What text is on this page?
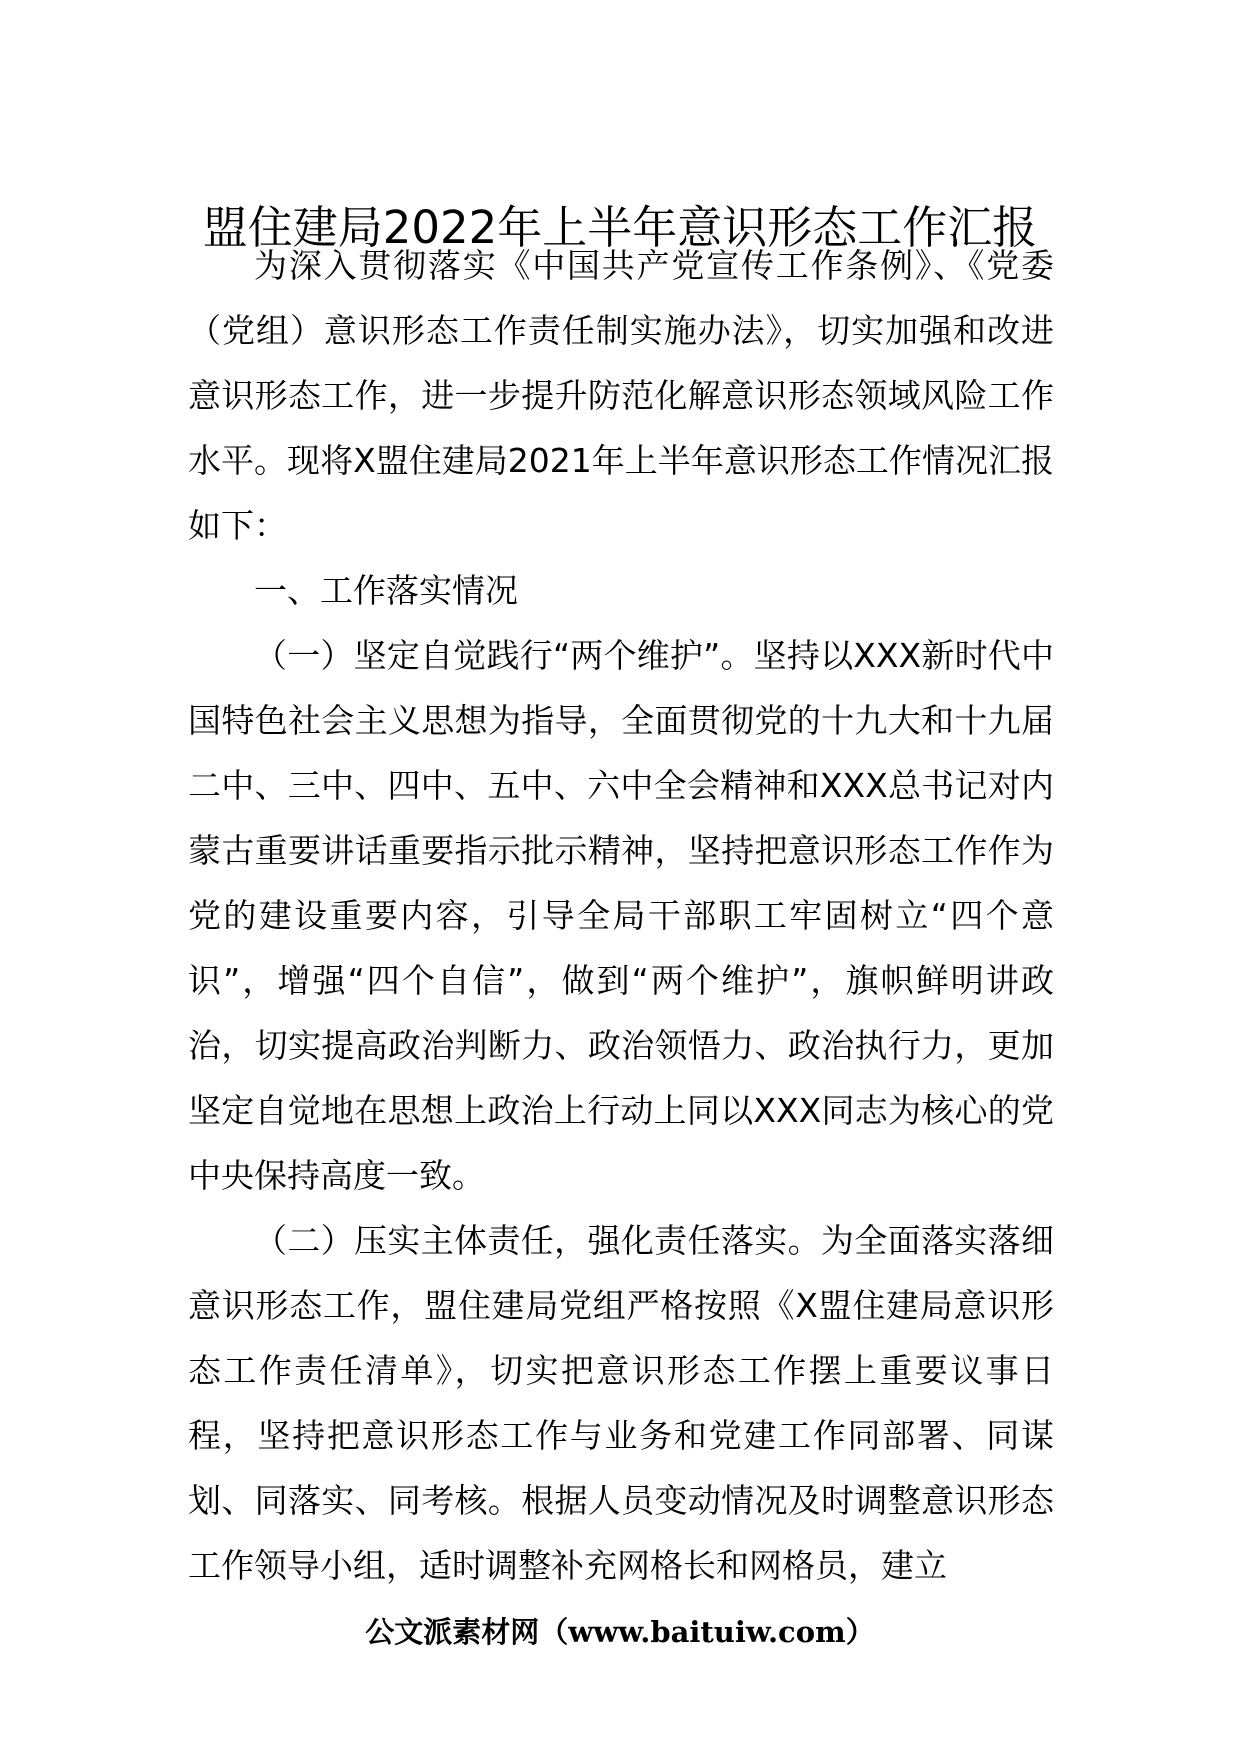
盟住建局2022年上半年意识形态工作汇报

为深入贯彻落实《中国共产党宣传工作条例》、《党委（党组）意识形态工作责任制实施办法》，切实加强和改进意识形态工作，进一步提升防范化解意识形态领域风险工作水平。现将X盟住建局2021年上半年意识形态工作情况汇报如下：

一、工作落实情况

（一）坚定自觉践行“两个维护”。坚持以XXX新时代中国特色社会主义思想为指导，全面贯彻党的十九大和十九届二中、三中、四中、五中、六中全会精神和XXX总书记对内蒙古重要讲话重要指示批示精神，坚持把意识形态工作作为党的建设重要内容，引导全局干部职工牢固树立“四个意识”，增强“四个自信”，做到“两个维护”，旗帜鲜明讲政治，切实提高政治判断力、政治领悟力、政治执行力，更加坚定自觉地在思想上政治上行动上同以XXX同志为核心的党中央保持高度一致。

（二）压实主体责任，强化责任落实。为全面落实落细意识形态工作，盟住建局党组严格按照《X盟住建局意识形态工作责任清单》，切实把意识形态工作摆上重要议事日程，坚持把意识形态工作与业务和党建工作同部署、同谋划、同落实、同考核。根据人员变动情况及时调整意识形态工作领导小组，适时调整补充网格长和网格员，建立

公文派素材网（www.baituiw.com）
